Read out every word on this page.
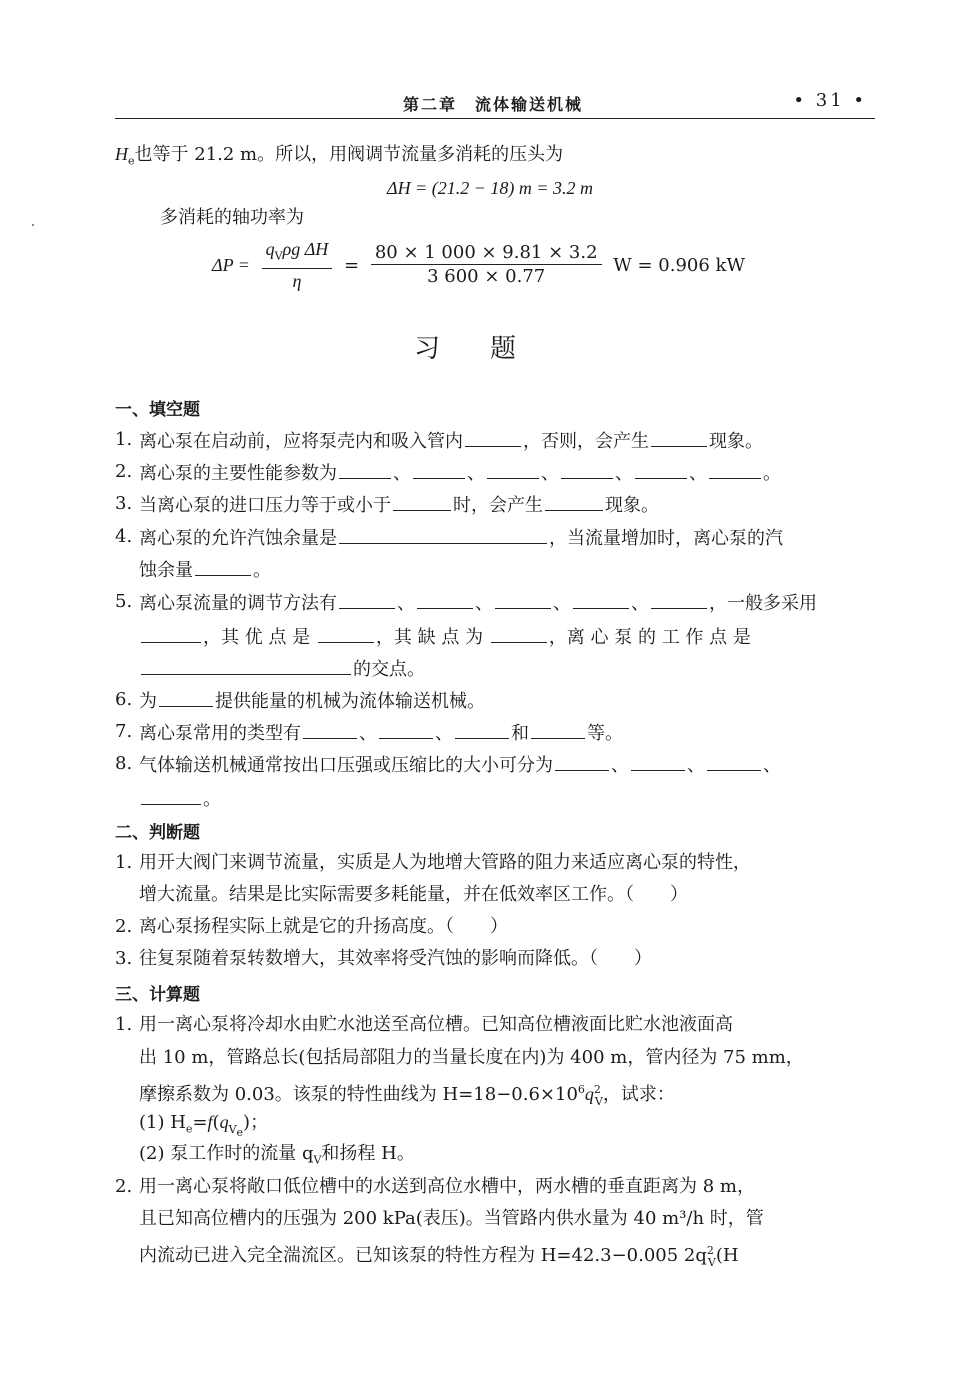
第二章　流体输送机械	• 31 •
$H_e$也等于 21.2 m。所以，用阀调节流量多消耗的压头为
ΔH = (21.2 − 18) m = 3.2 m
多消耗的轴功率为
$\Delta P = \frac{q_V\rho g \Delta H}{\eta} = \frac{80 \times 1 000 \times 9.81 \times 3.2}{3 600 \times 0.77}$ W = 0.906 kW
习题
一、填空题
1. 离心泵在启动前，应将泵壳内和吸入管内	，否则，会产生	现象。
2. 离心泵的主要性能参数为	、	、	、	、	、	。
3. 当离心泵的进口压力等于或小于	时，会产生	现象。
4. 离心泵的允许汽蚀余量是	，当流量增加时，离心泵的汽
蚀余量	。
5. 离心泵流量的调节方法有	、	、	、	、	，一般多采用
，其 优 点 是	，其 缺 点 为	，离 心 泵 的 工 作 点 是
的交点。
6. 为	提供能量的机械为流体输送机械。
7. 离心泵常用的类型有	、	、	和	等。
8. 气体输送机械通常按出口压强或压缩比的大小可分为	、	、	、
。
二、判断题
1. 用开大阀门来调节流量，实质是人为地增大管路的阻力来适应离心泵的特性，
增大流量。结果是比实际需要多耗能量，并在低效率区工作。（　　）
2. 离心泵扬程实际上就是它的升扬高度。（　　）
3. 往复泵随着泵转数增大，其效率将受汽蚀的影响而降低。（　　）
三、计算题
1. 用一离心泵将冷却水由贮水池送至高位槽。已知高位槽液面比贮水池液面高
出 10 m，管路总长(包括局部阻力的当量长度在内)为 400 m，管内径为 75 mm，
摩擦系数为 0.03。该泵的特性曲线为 $H=18-0.6\times 10^6q^2_V$，试求：
(1) $H_e=f(q_{V_e})$；
(2) 泵工作时的流量 $q_V$和扬程 H。
2. 用一离心泵将敞口低位槽中的水送到高位水槽中，两水槽的垂直距离为 8 m，
且已知高位槽内的压强为 200 kPa(表压)。当管路内供水量为 40 m³/h 时，管
内流动已进入完全湍流区。已知该泵的特性方程为 H=42.3−0.005 $2q^2_V(H$
